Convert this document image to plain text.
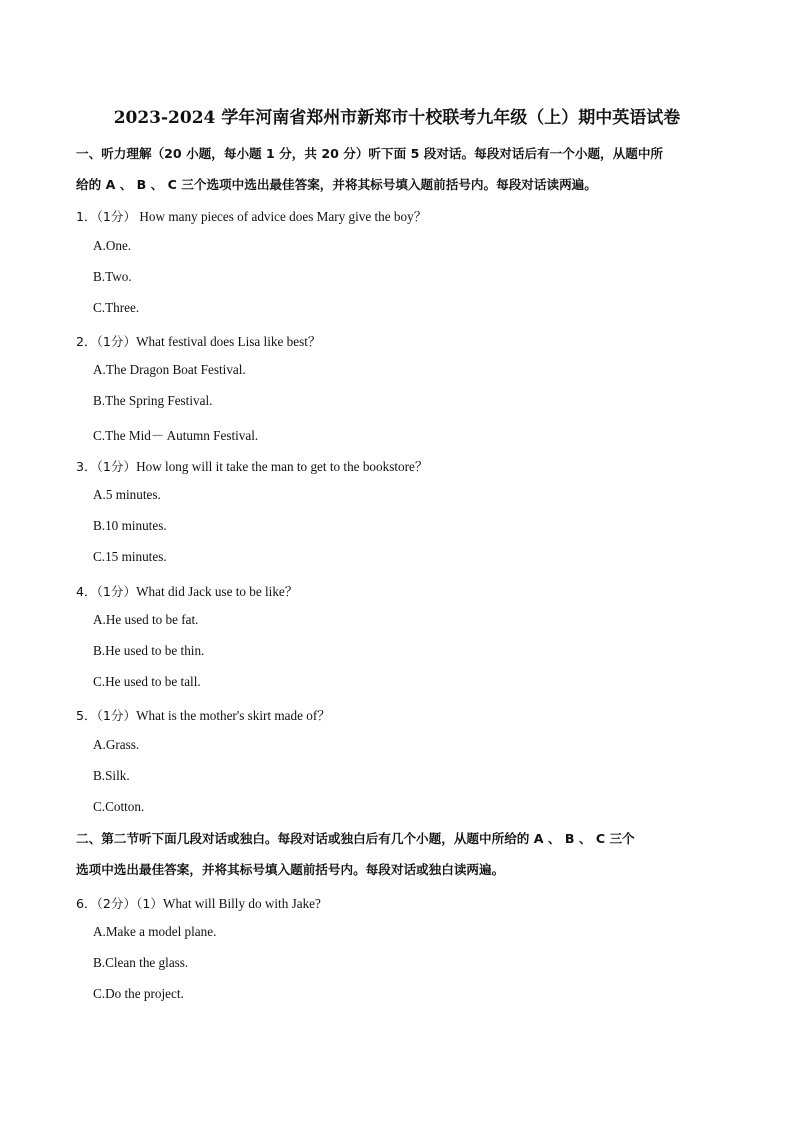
2023-2024 学年河南省郑州市新郑市十校联考九年级（上）期中英语试卷
一、听力理解（20 小题，每小题 1 分，共 20 分）听下面 5 段对话。每段对话后有一个小题，从题中所
给的 A 、 B 、 C 三个选项中选出最佳答案，并将其标号填入题前括号内。每段对话读两遍。
1．（1分） How many pieces of advice does Mary give the boy？
A.One.
B.Two.
C.Three.
2．（1分）What festival does Lisa like best？
A.The Dragon Boat Festival.
B.The Spring Festival.
C.The Mid－ Autumn Festival.
3．（1分）How long will it take the man to get to the bookstore？
A.5 minutes.
B.10 minutes.
C.15 minutes.
4．（1分）What did Jack use to be like？
A.He used to be fat.
B.He used to be thin.
C.He used to be tall.
5．（1分）What is the mother's skirt made of？
A.Grass.
B.Silk.
C.Cotton.
二、第二节听下面几段对话或独白。每段对话或独白后有几个小题，从题中所给的 A 、 B 、 C 三个
选项中选出最佳答案，并将其标号填入题前括号内。每段对话或独白读两遍。
6．（2分）（1）What will Billy do with Jake?
A.Make a model plane.
B.Clean the glass.
C.Do the project.
